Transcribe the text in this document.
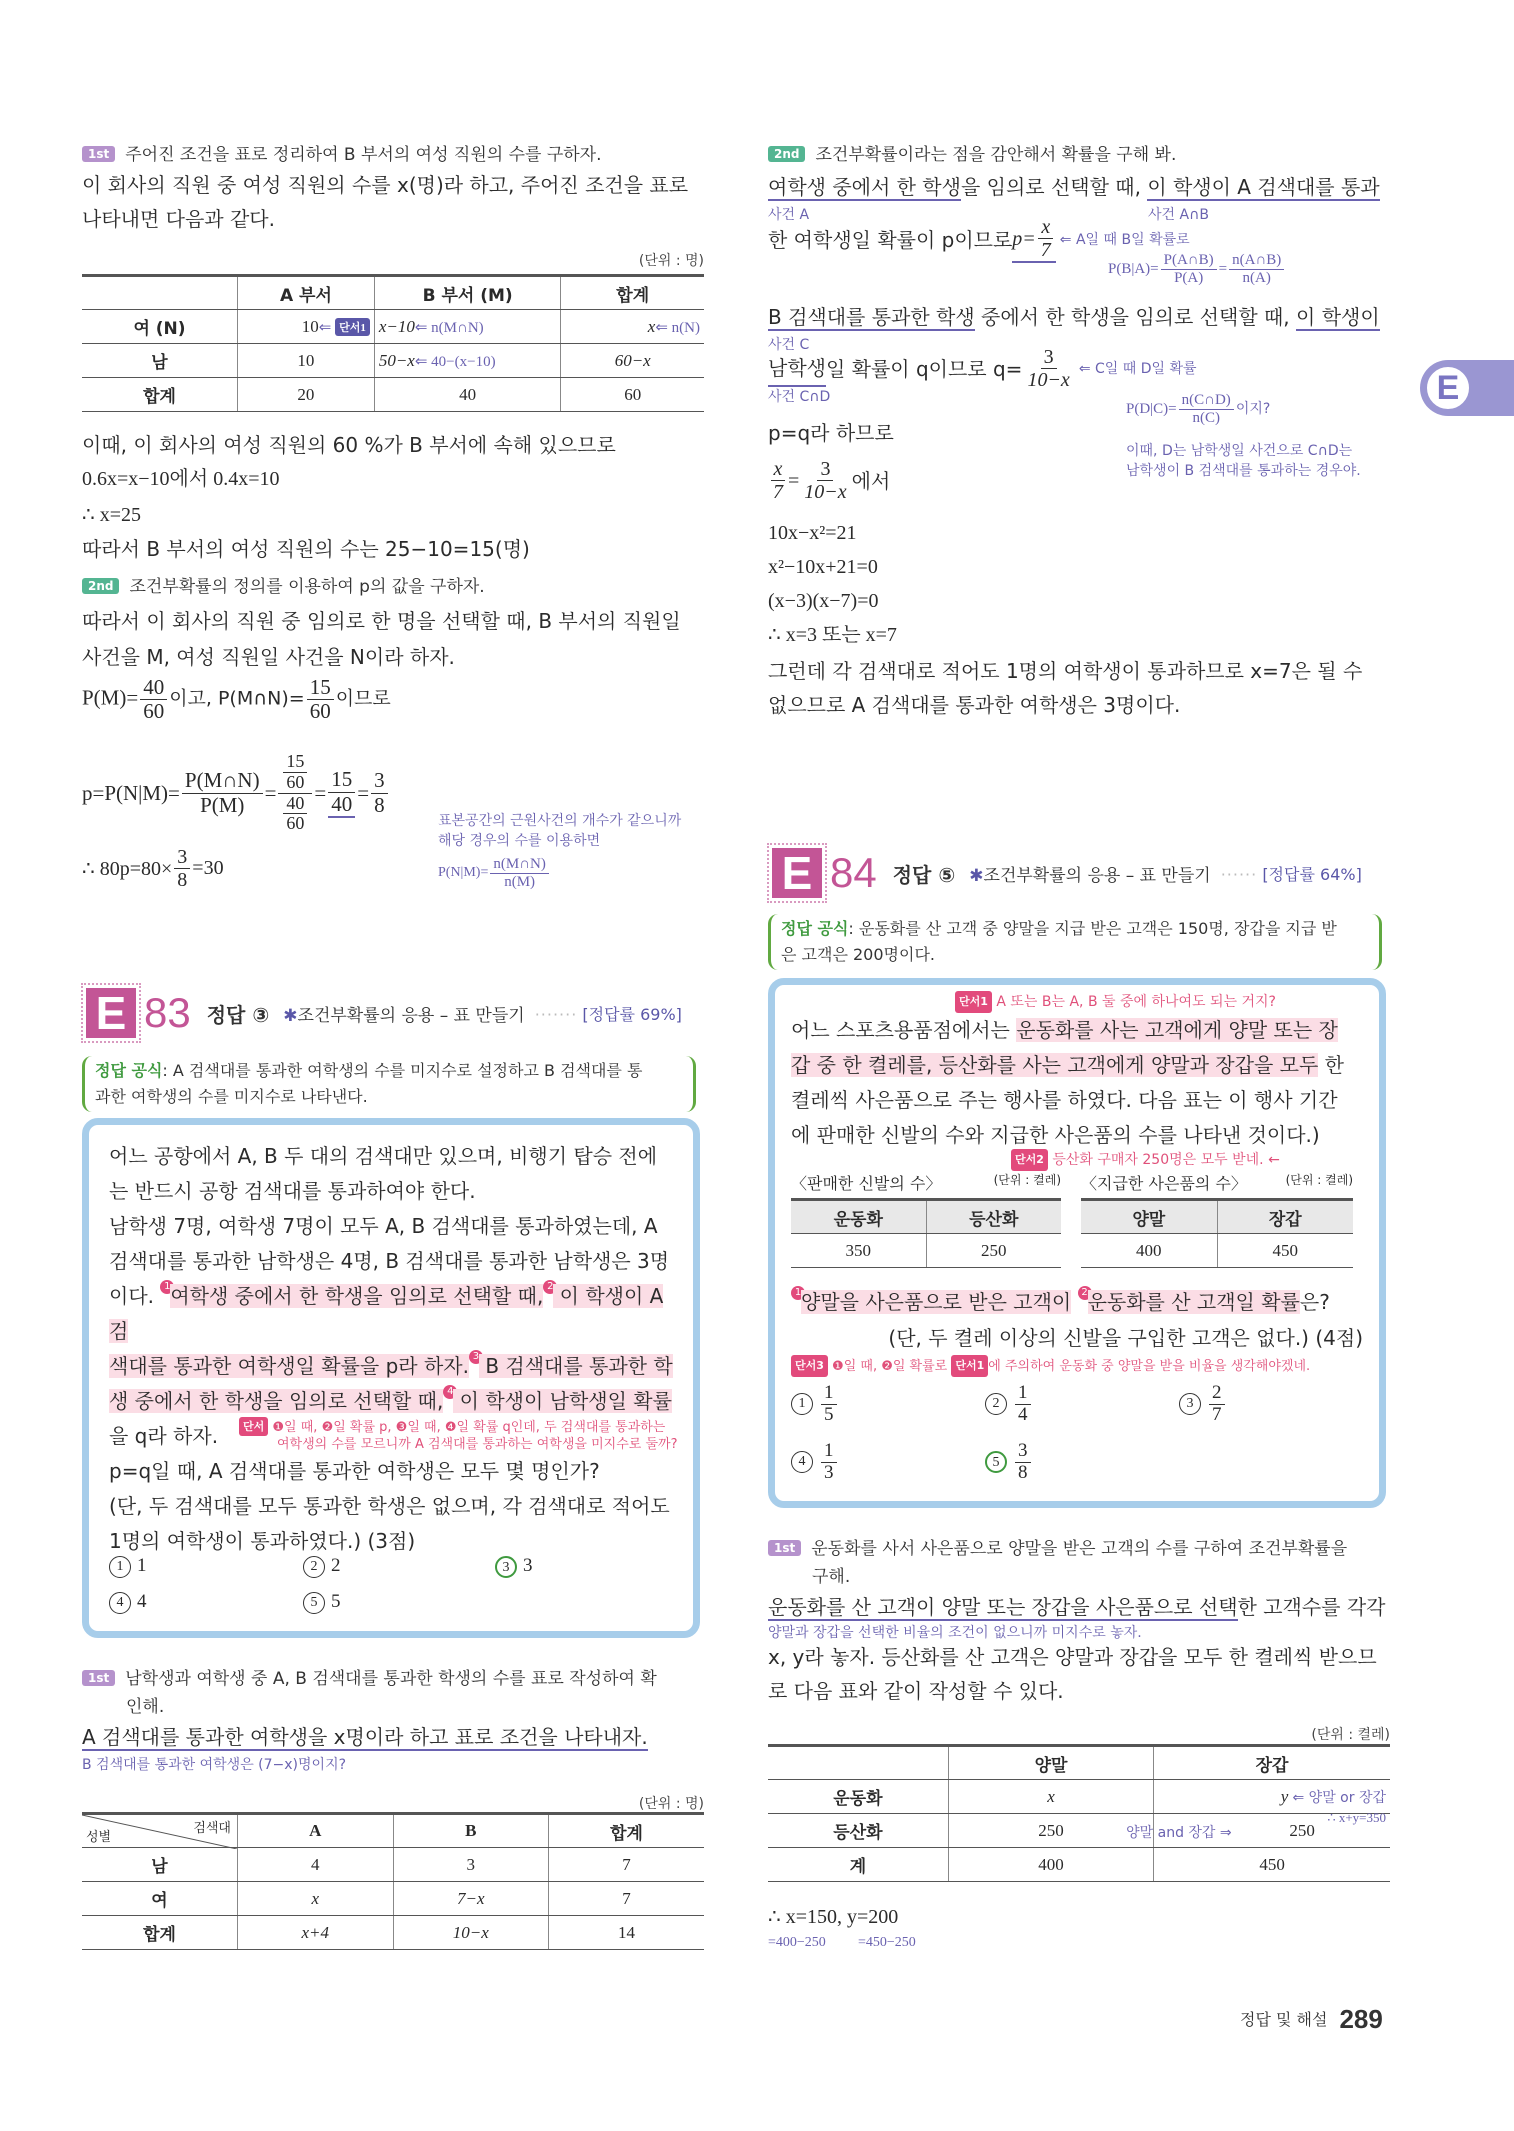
1st 주어진 조건을 표로 정리하여 B 부서의 여성 직원의 수를 구하자.
이 회사의 직원 중 여성 직원의 수를 x(명)라 하고, 주어진 조건을 표로
나타내면 다음과 같다.
(단위 : 명)
	A 부서	B 부서 (M)	합계
여 (N)	10⇐ 단서1	x−10⇐ n(M∩N)	x⇐ n(N)
남	10	50−x⇐ 40−(x−10)	60−x
합계	20	40	60
이때, 이 회사의 여성 직원의 60 %가 B 부서에 속해 있으므로
0.6x=x−10에서 0.4x=10
∴ x=25
따라서 B 부서의 여성 직원의 수는 25−10=15(명)
2nd 조건부확률의 정의를 이용하여 p의 값을 구하자.
따라서 이 회사의 직원 중 임의로 한 명을 선택할 때, B 부서의 직원일
사건을 M, 여성 직원일 사건을 N이라 하자.
$P(M)= \frac{40}{60}$ 이고, P(M∩N)= $\frac{15}{60}$ 이므로
$p=P(N|M)= \frac{P(M\cap N)}{P(M)} = \frac{\frac{15}{60}}{\frac{40}{60}} = \frac{15}{40} = \frac{3}{8}$
표본공간의 근원사건의 개수가 같으니까
해당 경우의 수를 이용하면
$P(N|M)= \frac{n(M\cap N)}{n(M)}$
∴ $80p=80\times \frac{3}{8} =30$
E 83 정답 ③ ✱조건부확률의 응용 – 표 만들기 ······· [정답률 69%]
정답 공식: A 검색대를 통과한 여학생의 수를 미지수로 설정하고 B 검색대를 통
과한 여학생의 수를 미지수로 나타낸다.
어느 공항에서 A, B 두 대의 검색대만 있으며, 비행기 탑승 전에
는 반드시 공항 검색대를 통과하여야 한다.
남학생 7명, 여학생 7명이 모두 A, B 검색대를 통과하였는데, A
검색대를 통과한 남학생은 4명, B 검색대를 통과한 남학생은 3명
이다. 1여학생 중에서 한 학생을 임의로 선택할 때, 2 이 학생이 A 검
색대를 통과한 여학생일 확률을 p라 하자. 3 B 검색대를 통과한 학
생 중에서 한 학생을 임의로 선택할 때, 4 이 학생이 남학생일 확률
을 q라 하자.	단서 ❶일 때, ❷일 확률 p, ❸일 때, ❹일 확률 q인데, 두 검색대를 통과하는
여학생의 수를 모르니까 A 검색대를 통과하는 여학생을 미지수로 둘까?
p=q일 때, A 검색대를 통과한 여학생은 모두 몇 명인가?
(단, 두 검색대를 모두 통과한 학생은 없으며, 각 검색대로 적어도
1명의 여학생이 통과하였다.) (3점)
1 1	2 2	3 3
4 4	5 5
1st 남학생과 여학생 중 A, B 검색대를 통과한 학생의 수를 표로 작성하여 확
인해.
A 검색대를 통과한 여학생을 x명이라 하고 표로 조건을 나타내자.
B 검색대를 통과한 여학생은 (7−x)명이지?
(단위 : 명)
검색대
성별	A	B	합계
남	4	3	7
여	x	7−x	7
합계	x+4	10−x	14
2nd 조건부확률이라는 점을 감안해서 확률을 구해 봐.
여학생 중에서 한 학생을 임의로 선택할 때, 이 학생이 A 검색대를 통과
사건 A	사건 A∩B
한 여학생일 확률이 p이므로 $p= \frac{x}{7}$ ⇐ A일 때 B일 확률로
$P(B|A)= \frac{P(A\cap B)}{P(A)} = \frac{n(A\cap B)}{n(A)}$
B 검색대를 통과한 학생 중에서 한 학생을 임의로 선택할 때, 이 학생이
사건 C
남학생 일 확률이 q이므로 $q= \frac{3}{10-x}$ ⇐ C일 때 D일 확률
사건 C∩D
$P(D|C)= \frac{n(C\cap D)}{n(C)}$ 이지?
이때, D는 남학생일 사건으로 C∩D는
남학생이 B 검색대를 통과하는 경우야.
p=q라 하므로
$\frac{x}{7} = \frac{3}{10-x}$ 에서
10x−x²=21
x²−10x+21=0
(x−3)(x−7)=0
∴ x=3 또는 x=7
그런데 각 검색대로 적어도 1명의 여학생이 통과하므로 x=7은 될 수
없으므로 A 검색대를 통과한 여학생은 3명이다.
E 84 정답 ⑤ ✱조건부확률의 응용 – 표 만들기 ······ [정답률 64%]
정답 공식: 운동화를 산 고객 중 양말을 지급 받은 고객은 150명, 장갑을 지급 받
은 고객은 200명이다.
단서1 A 또는 B는 A, B 둘 중에 하나여도 되는 거지?
어느 스포츠용품점에서는 운동화를 사는 고객에게 양말 또는 장
갑 중 한 켤레를, 등산화를 사는 고객에게 양말과 장갑을 모두 한
켤레씩 사은품으로 주는 행사를 하였다. 다음 표는 이 행사 기간
에 판매한 신발의 수와 지급한 사은품의 수를 나타낸 것이다.)
단서2 등산화 구매자 250명은 모두 받네. ←
〈판매한 신발의 수〉	(단위 : 켤레)
운동화	등산화
350	250
〈지급한 사은품의 수〉	(단위 : 켤레)
양말	장갑
400	450
1양말을 사은품으로 받은 고객이 2운동화를 산 고객일 확률은?
(단, 두 켤레 이상의 신발을 구입한 고객은 없다.) (4점)
단서3 ❶일 때, ❷일 확률로 단서1 에 주의하여 운동화 중 양말을 받을 비율을 생각해야겠네.
$1 \frac{1}{5}$	$2 \frac{1}{4}$	$3 \frac{2}{7}$
$4 \frac{1}{3}$	$5 \frac{3}{8}$
1st 운동화를 사서 사은품으로 양말을 받은 고객의 수를 구하여 조건부확률을
구해.
운동화를 산 고객이 양말 또는 장갑을 사은품으로 선택한 고객수를 각각
양말과 장갑을 선택한 비율의 조건이 없으니까 미지수로 놓자.
x, y라 놓자. 등산화를 산 고객은 양말과 장갑을 모두 한 켤레씩 받으므
로 다음 표와 같이 작성할 수 있다.
(단위 : 켤레)
	양말	장갑
운동화	x	y ⇐ 양말 or 장갑
등산화	250	양말 and 장갑 ⇒ 250
∴ x+y=350

계	400	450
∴ x=150, y=200
=400−250 =450−250
E
정답 및 해설 289
